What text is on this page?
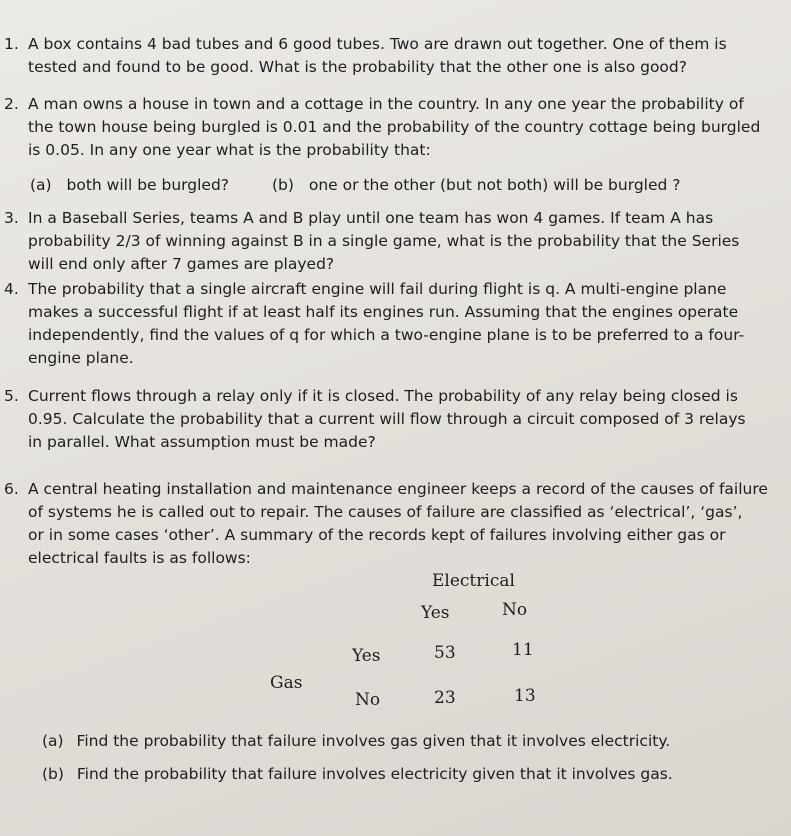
1. A box contains 4 bad tubes and 6 good tubes. Two are drawn out together. One of them is

tested and found to be good. What is the probability that the other one is also good?

2. A man owns a house in town and a cottage in the country. In any one year the probability of

the town house being burgled is 0.01 and the probability of the country cottage being burgled

is 0.05. In any one year what is the probability that:

(a) both will be burgled?	(b) one or the other (but not both) will be burgled ?
3. In a Baseball Series, teams A and B play until one team has won 4 games. If team A has

probability 2/3 of winning against B in a single game, what is the probability that the Series

will end only after 7 games are played?

4. The probability that a single aircraft engine will fail during flight is q. A multi-engine plane

makes a successful flight if at least half its engines run. Assuming that the engines operate

independently, find the values of q for which a two-engine plane is to be preferred to a four-

engine plane.

5. Current flows through a relay only if it is closed. The probability of any relay being closed is

0.95. Calculate the probability that a current will flow through a circuit composed of 3 relays

in parallel. What assumption must be made?

6. A central heating installation and maintenance engineer keeps a record of the causes of failure

of systems he is called out to repair. The causes of failure are classified as ‘electrical’, ‘gas’,

or in some cases ‘other’. A summary of the records kept of failures involving either gas or

electrical faults is as follows:

Electrical
Yes	No
Yes	53	11
Gas
No	23	13
(a) Find the probability that failure involves gas given that it involves electricity.
(b) Find the probability that failure involves electricity given that it involves gas.
